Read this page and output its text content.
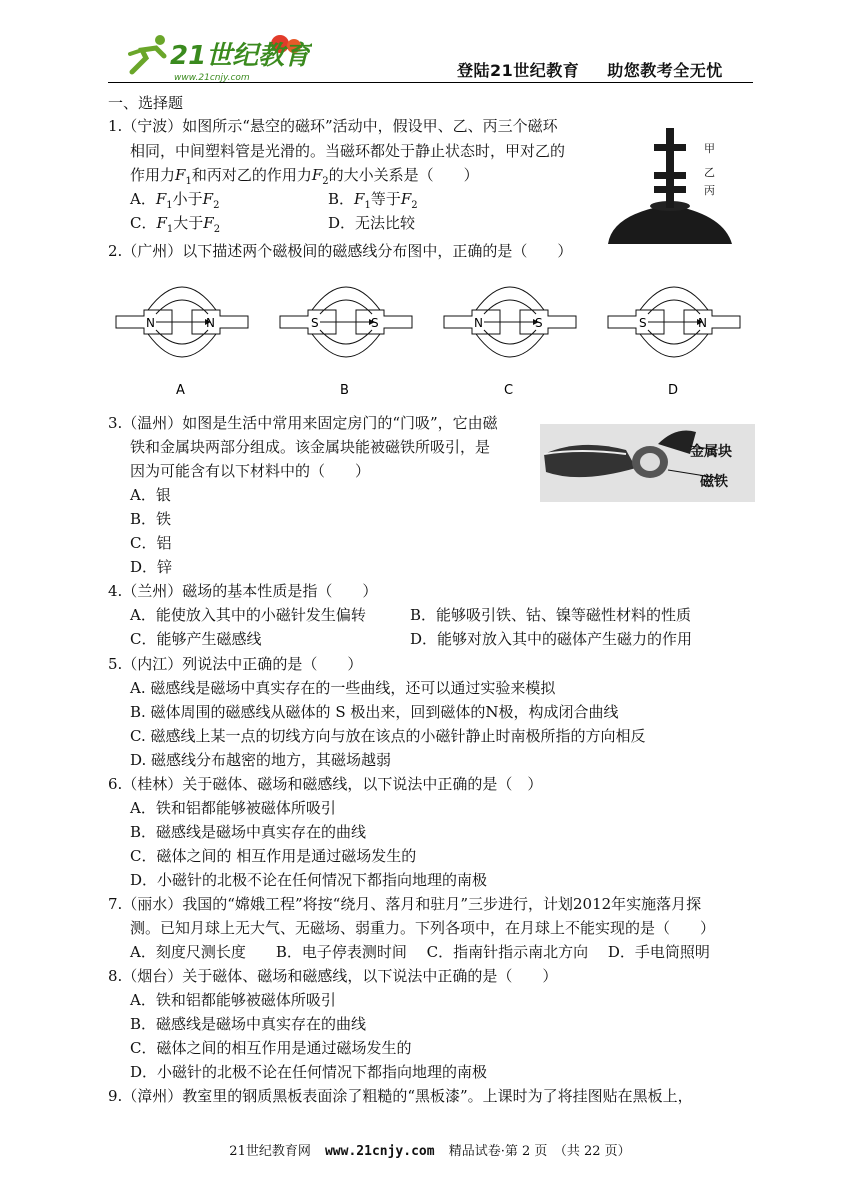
21世纪教育
www.21cnjy.com	登陆21世纪教育 助您教考全无忧
一、选择题
1.（宁波）如图所示“悬空的磁环”活动中，假设甲、乙、丙三个磁环
相同，中间塑料管是光滑的。当磁环都处于静止状态时，甲对乙的
作用力$F_1$和丙对乙的作用力$F_2$的大小关系是（　　）
A．$F_1$小于$F_2$	B．$F_1$等于$F_2$
C．$F_1$大于$F_2$	D．无法比较
甲
乙
丙
2.（广州）以下描述两个磁极间的磁感线分布图中，正确的是（　　）
N	N
A
S	S
B
N	S
C
S	N
D
3.（温州）如图是生活中常用来固定房门的“门吸”，它由磁
铁和金属块两部分组成。该金属块能被磁铁所吸引，是
因为可能含有以下材料中的（　　）
A．银
B．铁
C．铝
D．锌
金属块
磁铁
4.（兰州）磁场的基本性质是指（　　）
A．能使放入其中的小磁针发生偏转	B．能够吸引铁、钴、镍等磁性材料的性质
C．能够产生磁感线	D．能够对放入其中的磁体产生磁力的作用
5.（内江）列说法中正确的是（　　）
A. 磁感线是磁场中真实存在的一些曲线，还可以通过实验来模拟
B. 磁体周围的磁感线从磁体的 S 极出来，回到磁体的N极，构成闭合曲线
C. 磁感线上某一点的切线方向与放在该点的小磁针静止时南极所指的方向相反
D. 磁感线分布越密的地方，其磁场越弱
6.（桂林）关于磁体、磁场和磁感线，以下说法中正确的是（　）
A．铁和铝都能够被磁体所吸引
B．磁感线是磁场中真实存在的曲线
C．磁体之间的 相互作用是通过磁场发生的
D．小磁针的北极不论在任何情况下都指向地理的南极
7.（丽水）我国的“嫦娥工程”将按“绕月、落月和驻月”三步进行，计划2012年实施落月探
测。已知月球上无大气、无磁场、弱重力。下列各项中，在月球上不能实现的是（　　）
A．刻度尺测长度　　B．电子停表测时间　 C．指南针指示南北方向　 D．手电筒照明
8.（烟台）关于磁体、磁场和磁感线，以下说法中正确的是（　　）
A．铁和铝都能够被磁体所吸引
B．磁感线是磁场中真实存在的曲线
C．磁体之间的相互作用是通过磁场发生的
D．小磁针的北极不论在任何情况下都指向地理的南极
9.（漳州）教室里的钢质黑板表面涂了粗糙的“黑板漆”。上课时为了将挂图贴在黑板上，
21世纪教育网 www.21cnjy.com 精品试卷·第 2 页　（共 22 页）
